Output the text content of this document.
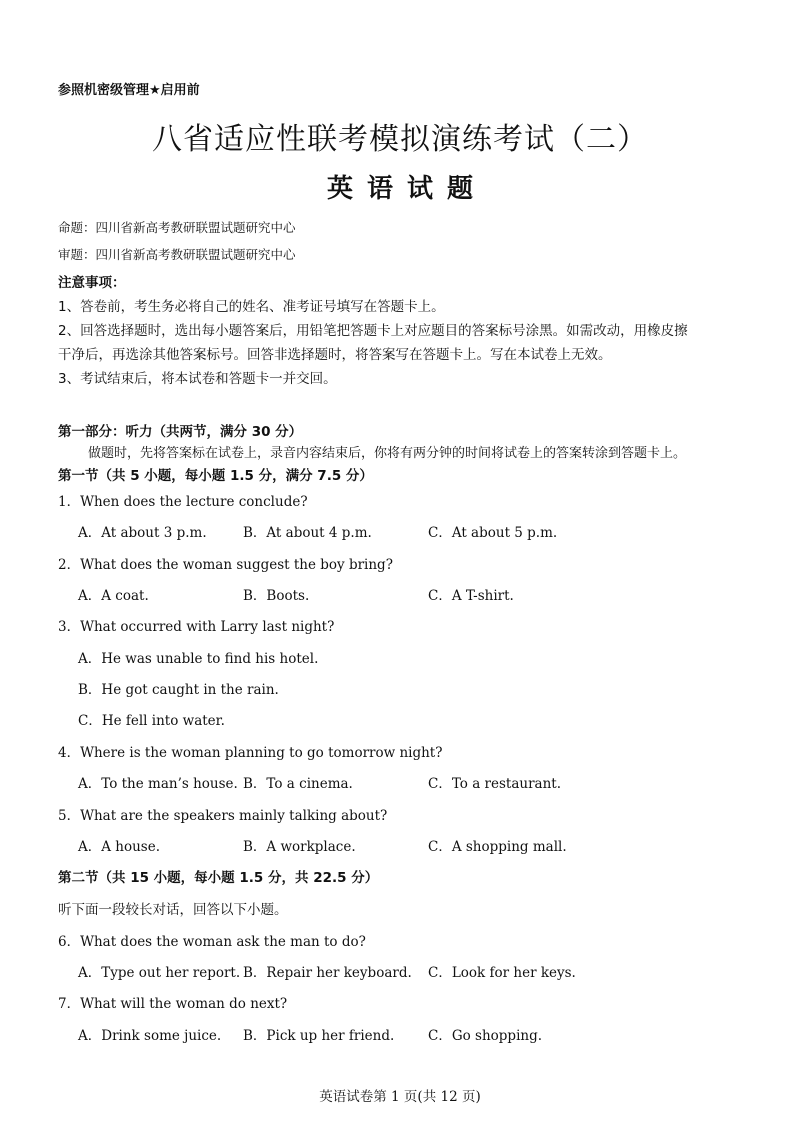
参照机密级管理★启用前
八省适应性联考模拟演练考试（二）
英语试题
命题：四川省新高考教研联盟试题研究中心
审题：四川省新高考教研联盟试题研究中心
注意事项：
1、答卷前，考生务必将自己的姓名、准考证号填写在答题卡上。
2、回答选择题时，选出每小题答案后，用铅笔把答题卡上对应题目的答案标号涂黑。如需改动，用橡皮擦
干净后，再选涂其他答案标号。回答非选择题时，将答案写在答题卡上。写在本试卷上无效。
3、考试结束后，将本试卷和答题卡一并交回。
第一部分：听力（共两节，满分 30 分）
做题时，先将答案标在试卷上，录音内容结束后，你将有两分钟的时间将试卷上的答案转涂到答题卡上。
第一节（共 5 小题，每小题 1.5 分，满分 7.5 分）
1．When does the lecture conclude?
A．At about 3 p.m.	B．At about 4 p.m.	C．At about 5 p.m.
2．What does the woman suggest the boy bring?
A．A coat.	B．Boots.	C．A T-shirt.
3．What occurred with Larry last night?
A．He was unable to find his hotel.
B．He got caught in the rain.
C．He fell into water.
4．Where is the woman planning to go tomorrow night?
A．To the man’s house. B．To a cinema.	C．To a restaurant.
5．What are the speakers mainly talking about?
A．A house.	B．A workplace.	C．A shopping mall.
第二节（共 15 小题，每小题 1.5 分，共 22.5 分）
听下面一段较长对话，回答以下小题。
6．What does the woman ask the man to do?
A．Type out her report. B．Repair her keyboard. C．Look for her keys.
7．What will the woman do next?
A．Drink some juice. B．Pick up her friend. C．Go shopping.
英语试卷第 1 页(共 12 页)
